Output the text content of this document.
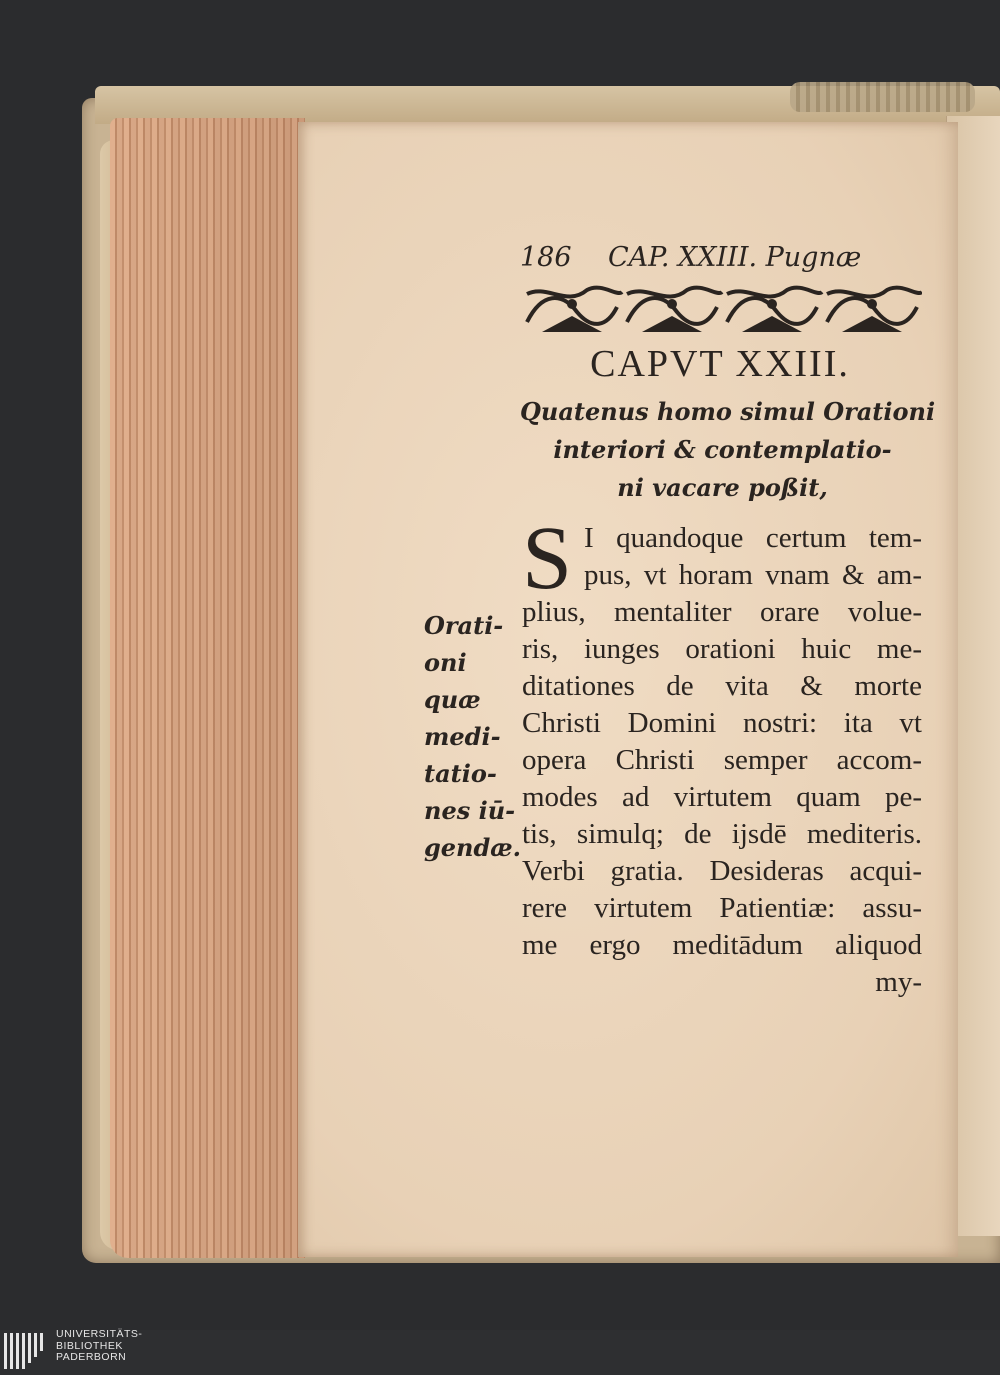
186 CAP. XXIII. Pugnæ
CAPVT XXIII.
Quatenus homo simul Orationi
interiori & contemplatio-
ni vacare poßit,
S I quandoque certum tem-
pus, vt horam vnam & am-
plius, mentaliter orare volue-
ris, iunges orationi huic me-
ditationes de vita & morte
Christi Domini nostri: ita vt
opera Christi semper accom-
modes ad virtutem quam pe-
tis, simulq; de ijsdē mediteris.
Verbi gratia. Desideras acqui-
rere virtutem Patientiæ: assu-
me ergo meditādum aliquod
my-
Orati-
oni
quæ
medi-
tatio-
nes iū-
gendæ.
UNIVERSITÄTS-
BIBLIOTHEK
PADERBORN
